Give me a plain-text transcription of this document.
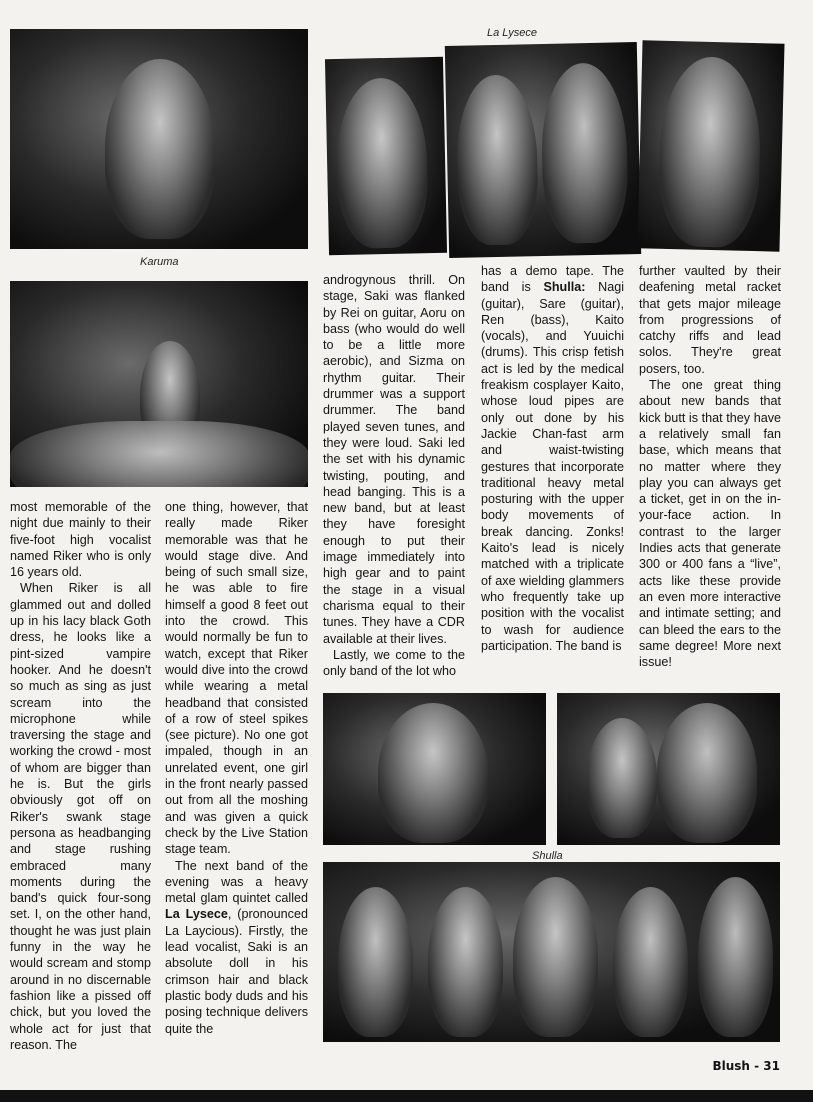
Karuma
La Lysece
Shulla

most memorable of the night due mainly to their five-foot high vocalist named Riker who is only 16 years old.

When Riker is all glammed out and dolled up in his lacy black Goth dress, he looks like a pint-sized vampire hooker. And he doesn't so much as sing as just scream into the microphone while traversing the stage and working the crowd - most of whom are bigger than he is. But the girls obviously got off on Riker's swank stage persona as headbanging and stage rushing embraced many moments during the band's quick four-song set. I, on the other hand, thought he was just plain funny in the way he would scream and stomp around in no discernable fashion like a pissed off chick, but you loved the whole act for just that reason. The

one thing, however, that really made Riker memorable was that he would stage dive. And being of such small size, he was able to fire himself a good 8 feet out into the crowd. This would normally be fun to watch, except that Riker would dive into the crowd while wearing a metal headband that consisted of a row of steel spikes (see picture). No one got impaled, though in an unrelated event, one girl in the front nearly passed out from all the moshing and was given a quick check by the Live Station stage team.

The next band of the evening was a heavy metal glam quintet called La Lysece, (pronounced La Laycious). Firstly, the lead vocalist, Saki is an absolute doll in his crimson hair and black plastic body duds and his posing technique delivers quite the

androgynous thrill. On stage, Saki was flanked by Rei on guitar, Aoru on bass (who would do well to be a little more aerobic), and Sizma on rhythm guitar. Their drummer was a support drummer. The band played seven tunes, and they were loud. Saki led the set with his dynamic twisting, pouting, and head banging. This is a new band, but at least they have foresight enough to put their image immediately into high gear and to paint the stage in a visual charisma equal to their tunes. They have a CDR available at their lives.

Lastly, we come to the only band of the lot who

has a demo tape. The band is Shulla: Nagi (guitar), Sare (guitar), Ren (bass), Kaito (vocals), and Yuuichi (drums). This crisp fetish act is led by the medical freakism cosplayer Kaito, whose loud pipes are only out done by his Jackie Chan-fast arm and waist-twisting gestures that incorporate traditional heavy metal posturing with the upper body movements of break dancing. Zonks! Kaito's lead is nicely matched with a triplicate of axe wielding glammers who frequently take up position with the vocalist to wash for audience participation. The band is

further vaulted by their deafening metal racket that gets major mileage from progressions of catchy riffs and lead solos. They're great posers, too.

The one great thing about new bands that kick butt is that they have a relatively small fan base, which means that no matter where they play you can always get a ticket, get in on the in-your-face action. In contrast to the larger Indies acts that generate 300 or 400 fans a “live”, acts like these provide an even more interactive and intimate setting; and can bleed the ears to the same degree! More next issue!

Blush - 31
